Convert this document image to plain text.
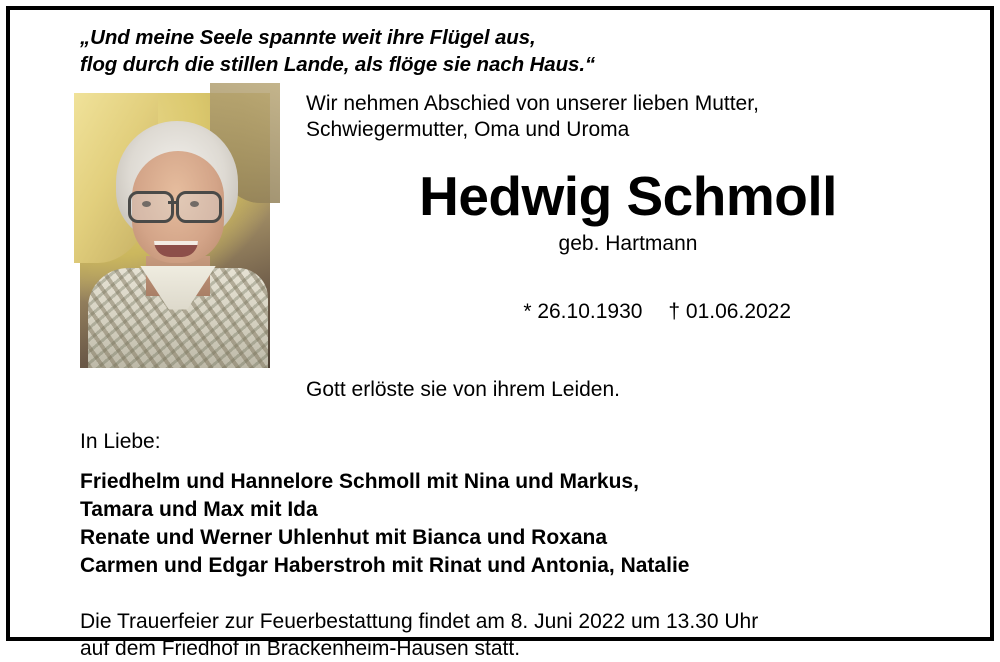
„Und meine Seele spannte weit ihre Flügel aus,
flog durch die stillen Lande, als flöge sie nach Haus.“

Wir nehmen Abschied von unserer lieben Mutter,
Schwiegermutter, Oma und Uroma

Hedwig Schmoll
geb. Hartmann

* 26.10.1930 † 01.06.2022

Gott erlöste sie von ihrem Leiden.
In Liebe:
Friedhelm und Hannelore Schmoll mit Nina und Markus,
Tamara und Max mit Ida
Renate und Werner Uhlenhut mit Bianca und Roxana
Carmen und Edgar Haberstroh mit Rinat und Antonia, Natalie
Die Trauerfeier zur Feuerbestattung findet am 8. Juni 2022 um 13.30 Uhr
auf dem Friedhof in Brackenheim-Hausen statt.
